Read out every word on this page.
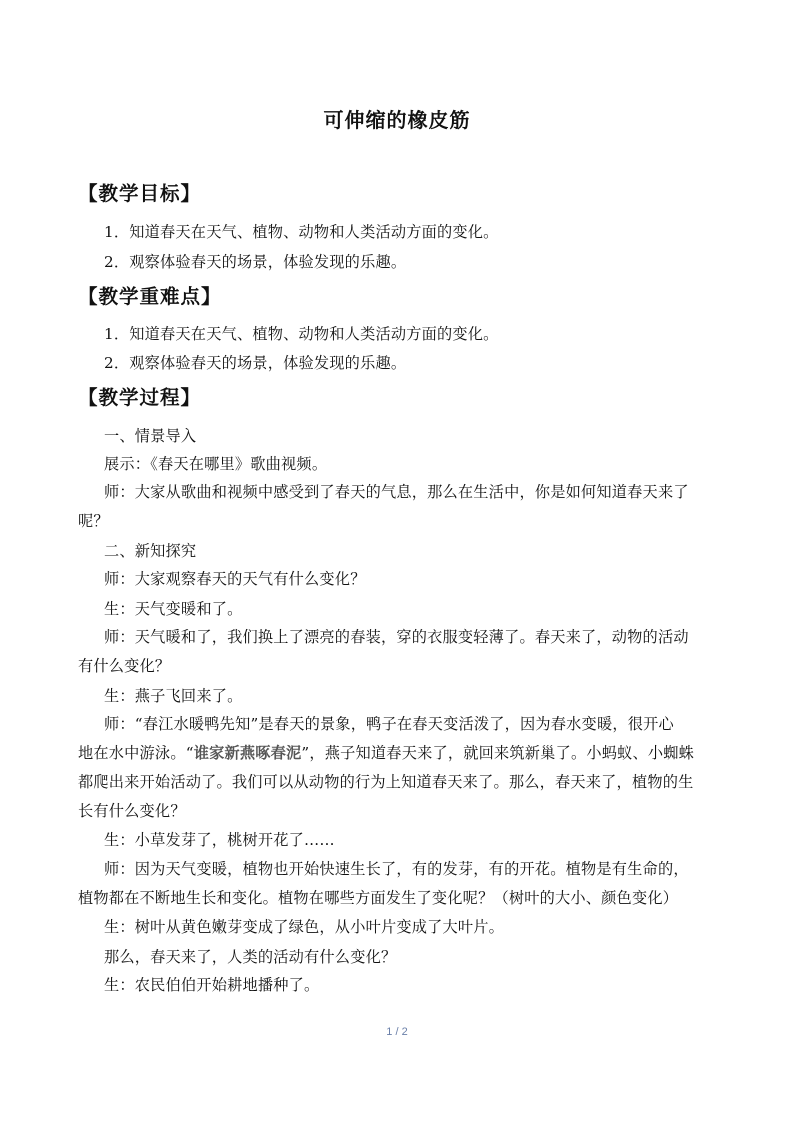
可伸缩的橡皮筋
【教学目标】
1．知道春天在天气、植物、动物和人类活动方面的变化。
2．观察体验春天的场景，体验发现的乐趣。
【教学重难点】
1．知道春天在天气、植物、动物和人类活动方面的变化。
2．观察体验春天的场景，体验发现的乐趣。
【教学过程】
一、情景导入
展示：《春天在哪里》歌曲视频。
师：大家从歌曲和视频中感受到了春天的气息，那么在生活中，你是如何知道春天来了
呢？
二、新知探究
师：大家观察春天的天气有什么变化？
生：天气变暖和了。
师：天气暖和了，我们换上了漂亮的春装，穿的衣服变轻薄了。春天来了，动物的活动
有什么变化？
生：燕子飞回来了。
师：“春江水暖鸭先知”是春天的景象，鸭子在春天变活泼了，因为春水变暖，很开心
地在水中游泳。“谁家新燕啄春泥”，燕子知道春天来了，就回来筑新巢了。小蚂蚁、小蜘蛛
都爬出来开始活动了。我们可以从动物的行为上知道春天来了。那么，春天来了，植物的生
长有什么变化？
生：小草发芽了，桃树开花了……
师：因为天气变暖，植物也开始快速生长了，有的发芽，有的开花。植物是有生命的，
植物都在不断地生长和变化。植物在哪些方面发生了变化呢？（树叶的大小、颜色变化）
生：树叶从黄色嫩芽变成了绿色，从小叶片变成了大叶片。
那么，春天来了，人类的活动有什么变化？
生：农民伯伯开始耕地播种了。
1 / 2
